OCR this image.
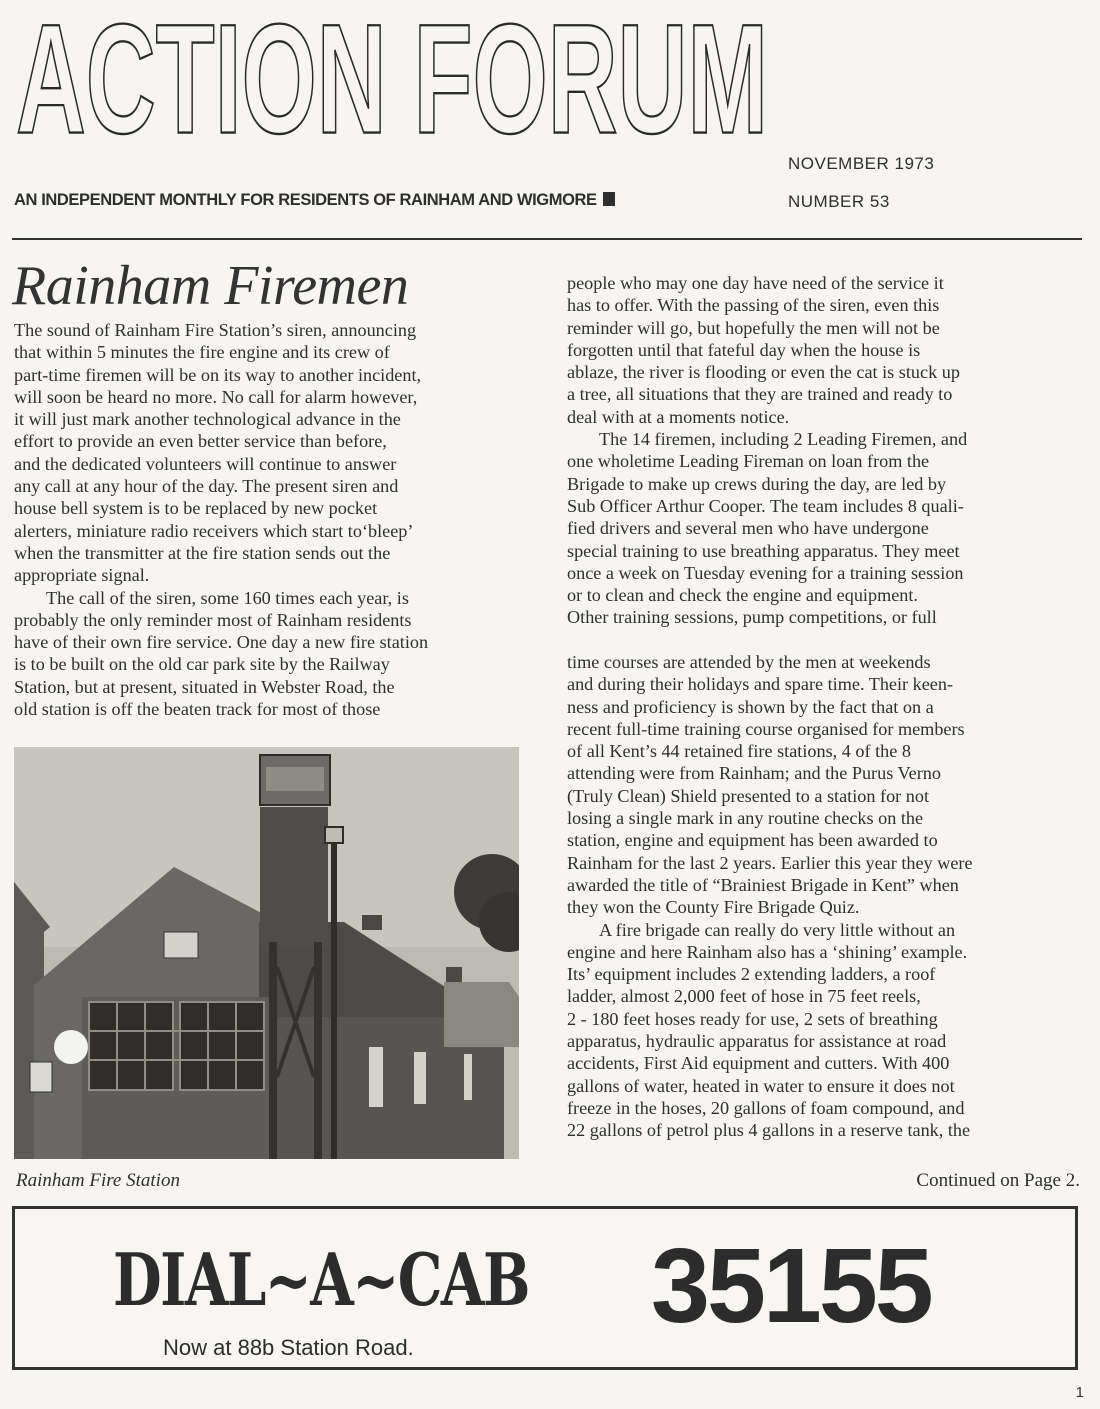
ACTION FORUM NOVEMBER 1973
AN INDEPENDENT MONTHLY FOR RESIDENTS OF RAINHAM AND WIGMORE	NUMBER 53
Rainham Firemen

The sound of Rainham Fire Station’s siren, announcing
that within 5 minutes the fire engine and its crew of
part-time firemen will be on its way to another incident,
will soon be heard no more. No call for alarm however,
it will just mark another technological advance in the
effort to provide an even better service than before,
and the dedicated volunteers will continue to answer
any call at any hour of the day. The present siren and
house bell system is to be replaced by new pocket
alerters, miniature radio receivers which start to‘bleep’
when the transmitter at the fire station sends out the
appropriate signal.

The call of the siren, some 160 times each year, is
probably the only reminder most of Rainham residents
have of their own fire service. One day a new fire station
is to be built on the old car park site by the Railway
Station, but at present, situated in Webster Road, the
old station is off the beaten track for most of those

people who may one day have need of the service it
has to offer. With the passing of the siren, even this
reminder will go, but hopefully the men will not be
forgotten until that fateful day when the house is
ablaze, the river is flooding or even the cat is stuck up
a tree, all situations that they are trained and ready to
deal with at a moments notice.

The 14 firemen, including 2 Leading Firemen, and
one wholetime Leading Fireman on loan from the
Brigade to make up crews during the day, are led by
Sub Officer Arthur Cooper. The team includes 8 quali-
fied drivers and several men who have undergone
special training to use breathing apparatus. They meet
once a week on Tuesday evening for a training session
or to clean and check the engine and equipment.
Other training sessions, pump competitions, or full

time courses are attended by the men at weekends
and during their holidays and spare time. Their keen-
ness and proficiency is shown by the fact that on a
recent full-time training course organised for members
of all Kent’s 44 retained fire stations, 4 of the 8
attending were from Rainham; and the Purus Verno
(Truly Clean) Shield presented to a station for not
losing a single mark in any routine checks on the
station, engine and equipment has been awarded to
Rainham for the last 2 years. Earlier this year they were
awarded the title of “Brainiest Brigade in Kent” when
they won the County Fire Brigade Quiz.

A fire brigade can really do very little without an
engine and here Rainham also has a ‘shining’ example.
Its’ equipment includes 2 extending ladders, a roof
ladder, almost 2,000 feet of hose in 75 feet reels,
2 - 180 feet hoses ready for use, 2 sets of breathing
apparatus, hydraulic apparatus for assistance at road
accidents, First Aid equipment and cutters. With 400
gallons of water, heated in water to ensure it does not
freeze in the hoses, 20 gallons of foam compound, and
22 gallons of petrol plus 4 gallons in a reserve tank, the

Rainham Fire Station	Continued on Page 2.
DIAL~A~CAB
Now at 88b Station Road.
35155
1
